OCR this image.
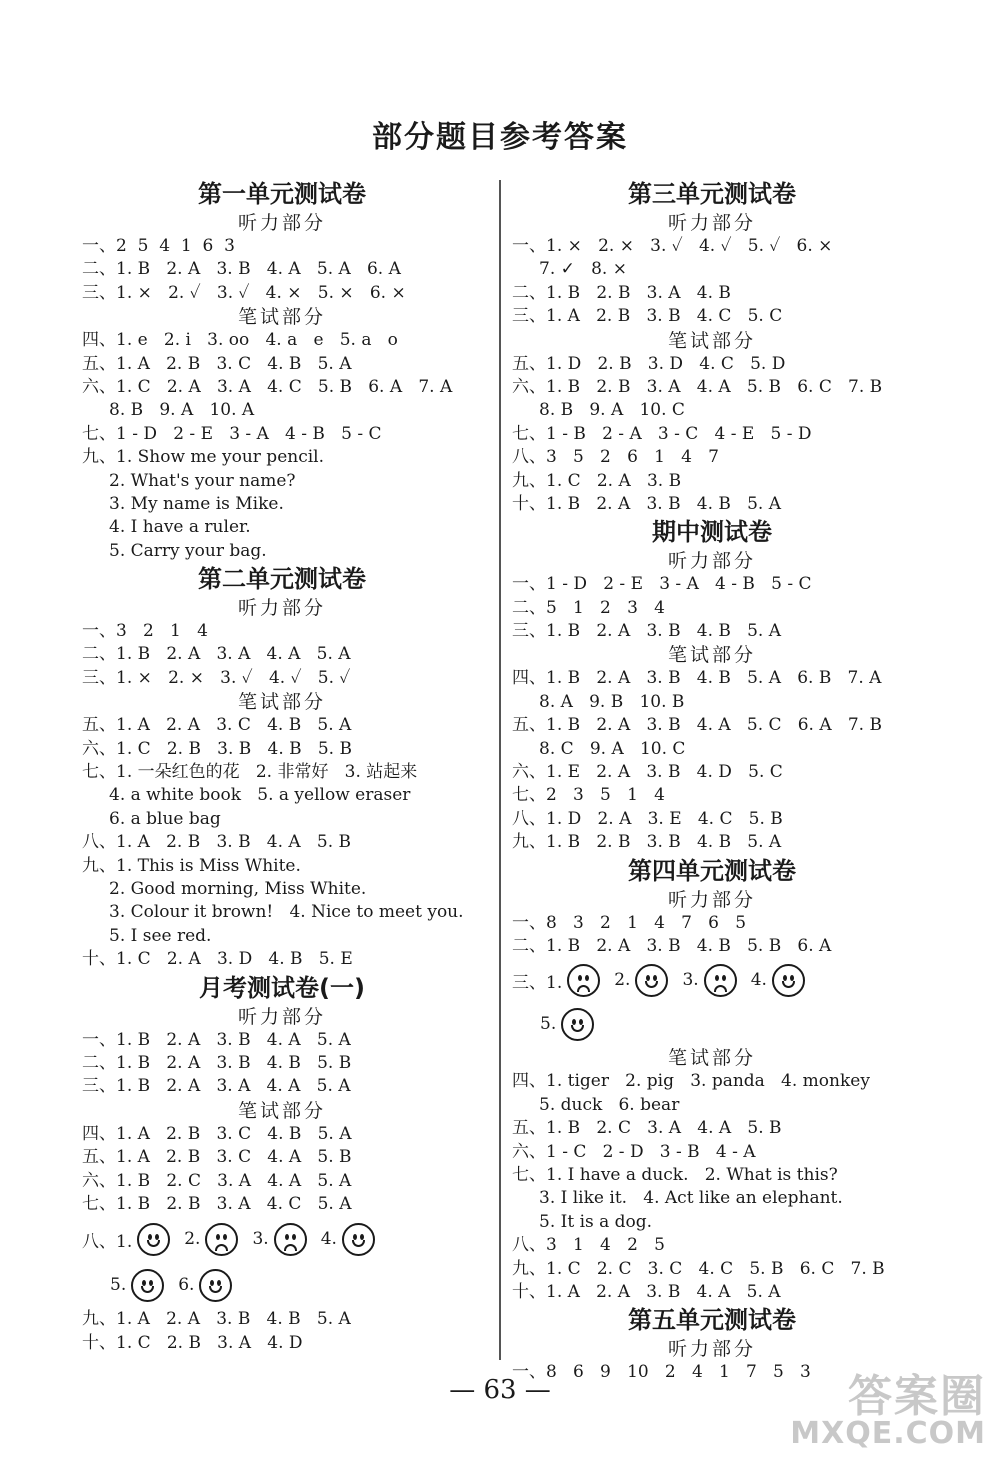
部分题目参考答案
第一单元测试卷
听力部分
一、2  5  4  1  6  3
二、1. B   2. A   3. B   4. A   5. A   6. A
三、1. ×   2. ✓   3. ✓   4. ×   5. ×   6. ×
笔试部分
四、1. e   2. i   3. oo   4. a   e   5. a   o
五、1. A   2. B   3. C   4. B   5. A
六、1. C   2. A   3. A   4. C   5. B   6. A   7. A
8. B   9. A   10. A
七、1 - D   2 - E   3 - A   4 - B   5 - C
九、1. Show me your pencil.
2. What's your name?
3. My name is Mike.
4. I have a ruler.
5. Carry your bag.
第二单元测试卷
听力部分
一、3   2   1   4
二、1. B   2. A   3. A   4. A   5. A
三、1. ×   2. ×   3. ✓   4. ✓   5. ✓
笔试部分
五、1. A   2. A   3. C   4. B   5. A
六、1. C   2. B   3. B   4. B   5. B
七、1. 一朵红色的花   2. 非常好   3. 站起来
4. a white book   5. a yellow eraser
6. a blue bag
八、1. A   2. B   3. B   4. A   5. B
九、1. This is Miss White.
2. Good morning, Miss White.
3. Colour it brown!   4. Nice to meet you.
5. I see red.
十、1. C   2. A   3. D   4. B   5. E
月考测试卷(一)
听力部分
一、1. B   2. A   3. B   4. A   5. A
二、1. B   2. A   3. B   4. B   5. B
三、1. B   2. A   3. A   4. A   5. A
笔试部分
四、1. A   2. B   3. C   4. B   5. A
五、1. A   2. B   3. C   4. A   5. B
六、1. B   2. C   3. A   4. A   5. A
七、1. B   2. B   3. A   4. C   5. A
八、1.	2.	3.	4.
5.	6.
九、1. A   2. A   3. B   4. B   5. A
十、1. C   2. B   3. A   4. D
第三单元测试卷
听力部分
一、1. ×   2. ×   3. ✓   4. ✓   5. ✓   6. ×
7. ✓   8. ×
二、1. B   2. B   3. A   4. B
三、1. A   2. B   3. B   4. C   5. C
笔试部分
五、1. D   2. B   3. D   4. C   5. D
六、1. B   2. B   3. A   4. A   5. B   6. C   7. B
8. B   9. A   10. C
七、1 - B   2 - A   3 - C   4 - E   5 - D
八、3   5   2   6   1   4   7
九、1. C   2. A   3. B
十、1. B   2. A   3. B   4. B   5. A
期中测试卷
听力部分
一、1 - D   2 - E   3 - A   4 - B   5 - C
二、5   1   2   3   4
三、1. B   2. A   3. B   4. B   5. A
笔试部分
四、1. B   2. A   3. B   4. B   5. A   6. B   7. A
8. A   9. B   10. B
五、1. B   2. A   3. B   4. A   5. C   6. A   7. B
8. C   9. A   10. C
六、1. E   2. A   3. B   4. D   5. C
七、2   3   5   1   4
八、1. D   2. A   3. E   4. C   5. B
九、1. B   2. B   3. B   4. B   5. A
第四单元测试卷
听力部分
一、8   3   2   1   4   7   6   5
二、1. B   2. A   3. B   4. B   5. B   6. A
三、1.	2.	3.	4.
5.
笔试部分
四、1. tiger   2. pig   3. panda   4. monkey
5. duck   6. bear
五、1. B   2. C   3. A   4. A   5. B
六、1 - C   2 - D   3 - B   4 - A
七、1. I have a duck.   2. What is this?
3. I like it.   4. Act like an elephant.
5. It is a dog.
八、3   1   4   2   5
九、1. C   2. C   3. C   4. C   5. B   6. C   7. B
十、1. A   2. A   3. B   4. A   5. A
第五单元测试卷
听力部分
一、8   6   9   10   2   4   1   7   5   3
— 63 —	答案圈
MXQE.COM
